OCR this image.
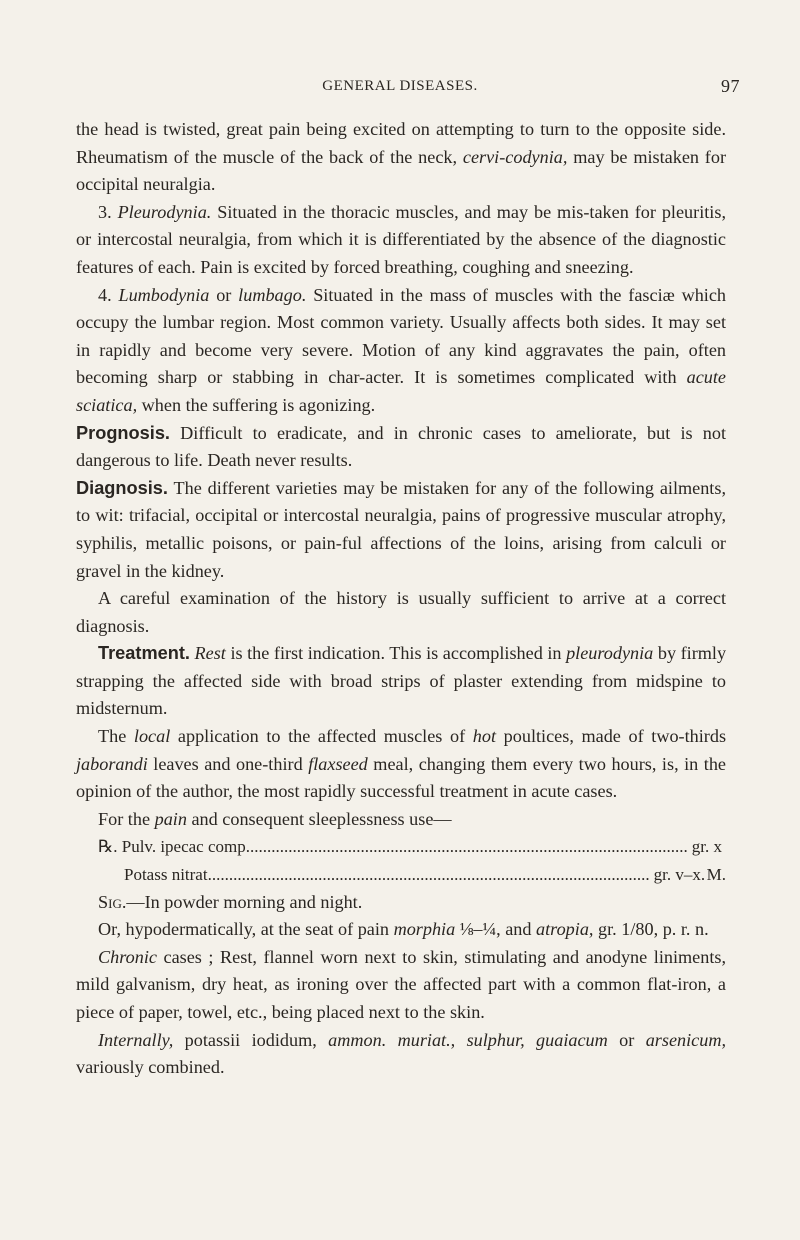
GENERAL DISEASES.	97

the head is twisted, great pain being excited on attempting to turn to the opposite side. Rheumatism of the muscle of the back of the neck, cervi-codynia, may be mistaken for occipital neuralgia.

3. Pleurodynia. Situated in the thoracic muscles, and may be mis-taken for pleuritis, or intercostal neuralgia, from which it is differentiated by the absence of the diagnostic features of each. Pain is excited by forced breathing, coughing and sneezing.

4. Lumbodynia or lumbago. Situated in the mass of muscles with the fasciæ which occupy the lumbar region. Most common variety. Usually affects both sides. It may set in rapidly and become very severe. Motion of any kind aggravates the pain, often becoming sharp or stabbing in char-acter. It is sometimes complicated with acute sciatica, when the suffering is agonizing.

Prognosis. Difficult to eradicate, and in chronic cases to ameliorate, but is not dangerous to life. Death never results.

Diagnosis. The different varieties may be mistaken for any of the following ailments, to wit: trifacial, occipital or intercostal neuralgia, pains of progressive muscular atrophy, syphilis, metallic poisons, or pain-ful affections of the loins, arising from calculi or gravel in the kidney.

A careful examination of the history is usually sufficient to arrive at a correct diagnosis.

Treatment. Rest is the first indication. This is accomplished in pleurodynia by firmly strapping the affected side with broad strips of plaster extending from midspine to midsternum.

The local application to the affected muscles of hot poultices, made of two-thirds jaborandi leaves and one-third flaxseed meal, changing them every two hours, is, in the opinion of the author, the most rapidly successful treatment in acute cases.

For the pain and consequent sleeplessness use—

℞. Pulv. ipecac comp .....	gr. x
Potass nitrat .....	gr. v–x. M.

Sig.—In powder morning and night.

Or, hypodermatically, at the seat of pain morphia ⅛–¼, and atropia, gr. 1/80, p. r. n.

Chronic cases ; Rest, flannel worn next to skin, stimulating and anodyne liniments, mild galvanism, dry heat, as ironing over the affected part with a common flat-iron, a piece of paper, towel, etc., being placed next to the skin.

Internally, potassii iodidum, ammon. muriat., sulphur, guaiacum or arsenicum, variously combined.
